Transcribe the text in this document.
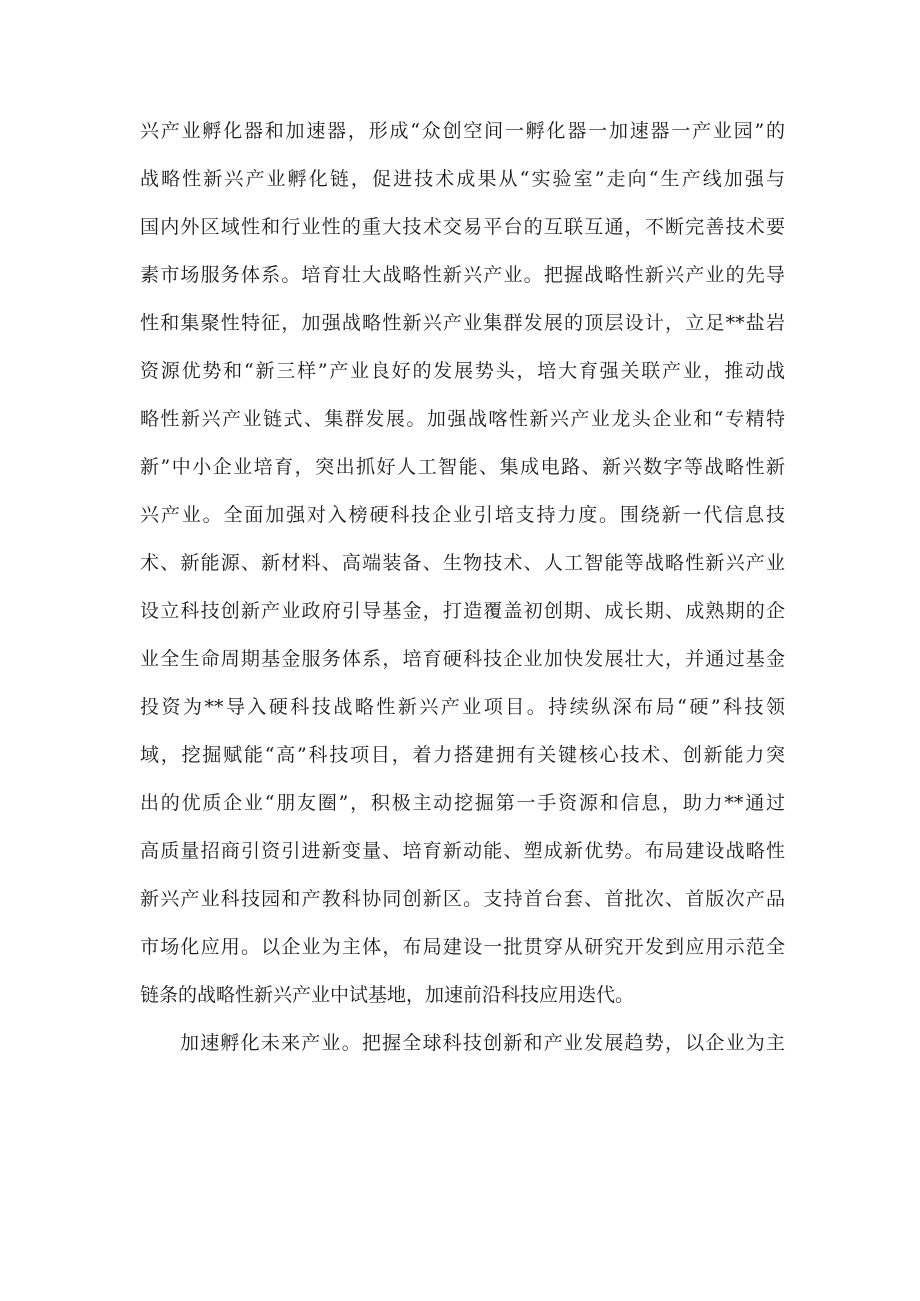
兴产业孵化器和加速器，形成“众创空间一孵化器一加速器一产业园”的
战略性新兴产业孵化链，促进技术成果从“实验室”走向“生产线加强与
国内外区域性和行业性的重大技术交易平台的互联互通，不断完善技术要
素市场服务体系。培育壮大战略性新兴产业。把握战略性新兴产业的先导
性和集聚性特征，加强战略性新兴产业集群发展的顶层设计，立足**盐岩
资源优势和“新三样”产业良好的发展势头，培大育强关联产业，推动战
略性新兴产业链式、集群发展。加强战喀性新兴产业龙头企业和“专精特
新”中小企业培育，突出抓好人工智能、集成电路、新兴数字等战略性新
兴产业。全面加强对入榜硬科技企业引培支持力度。围绕新一代信息技
术、新能源、新材料、高端装备、生物技术、人工智能等战略性新兴产业
设立科技创新产业政府引导基金，打造覆盖初创期、成长期、成熟期的企
业全生命周期基金服务体系，培育硬科技企业加快发展壮大，并通过基金
投资为**导入硬科技战略性新兴产业项目。持续纵深布局“硬”科技领
域，挖掘赋能“高”科技项目，着力搭建拥有关键核心技术、创新能力突
出的优质企业“朋友圈”，积极主动挖掘第一手资源和信息，助力**通过
高质量招商引资引进新变量、培育新动能、塑成新优势。布局建设战略性
新兴产业科技园和产教科协同创新区。支持首台套、首批次、首版次产品
市场化应用。以企业为主体，布局建设一批贯穿从研究开发到应用示范全
链条的战略性新兴产业中试基地，加速前沿科技应用迭代。
加速孵化未来产业。把握全球科技创新和产业发展趋势，以企业为主
